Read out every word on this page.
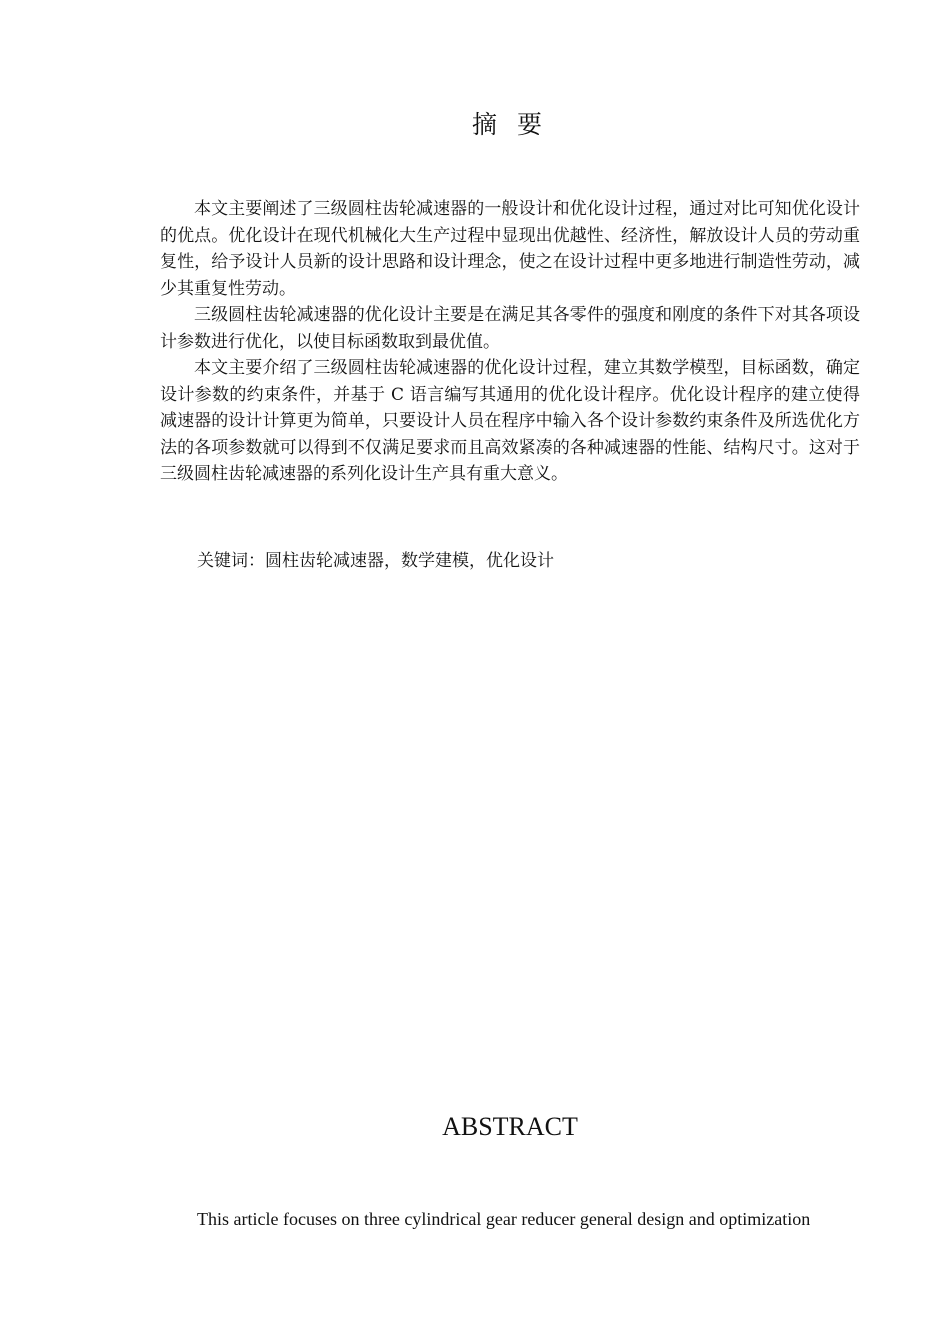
摘 要

本文主要阐述了三级圆柱齿轮减速器的一般设计和优化设计过程，通过对比可知优化设计的优点。优化设计在现代机械化大生产过程中显现出优越性、经济性，解放设计人员的劳动重复性，给予设计人员新的设计思路和设计理念，使之在设计过程中更多地进行制造性劳动，减少其重复性劳动。

三级圆柱齿轮减速器的优化设计主要是在满足其各零件的强度和刚度的条件下对其各项设计参数进行优化，以使目标函数取到最优值。

本文主要介绍了三级圆柱齿轮减速器的优化设计过程，建立其数学模型，目标函数，确定设计参数的约束条件，并基于 C 语言编写其通用的优化设计程序。优化设计程序的建立使得减速器的设计计算更为简单，只要设计人员在程序中输入各个设计参数约束条件及所选优化方法的各项参数就可以得到不仅满足要求而且高效紧凑的各种减速器的性能、结构尺寸。这对于三级圆柱齿轮减速器的系列化设计生产具有重大意义。

关键词：圆柱齿轮减速器，数学建模，优化设计

ABSTRACT

This article focuses on three cylindrical gear reducer general design and optimization
